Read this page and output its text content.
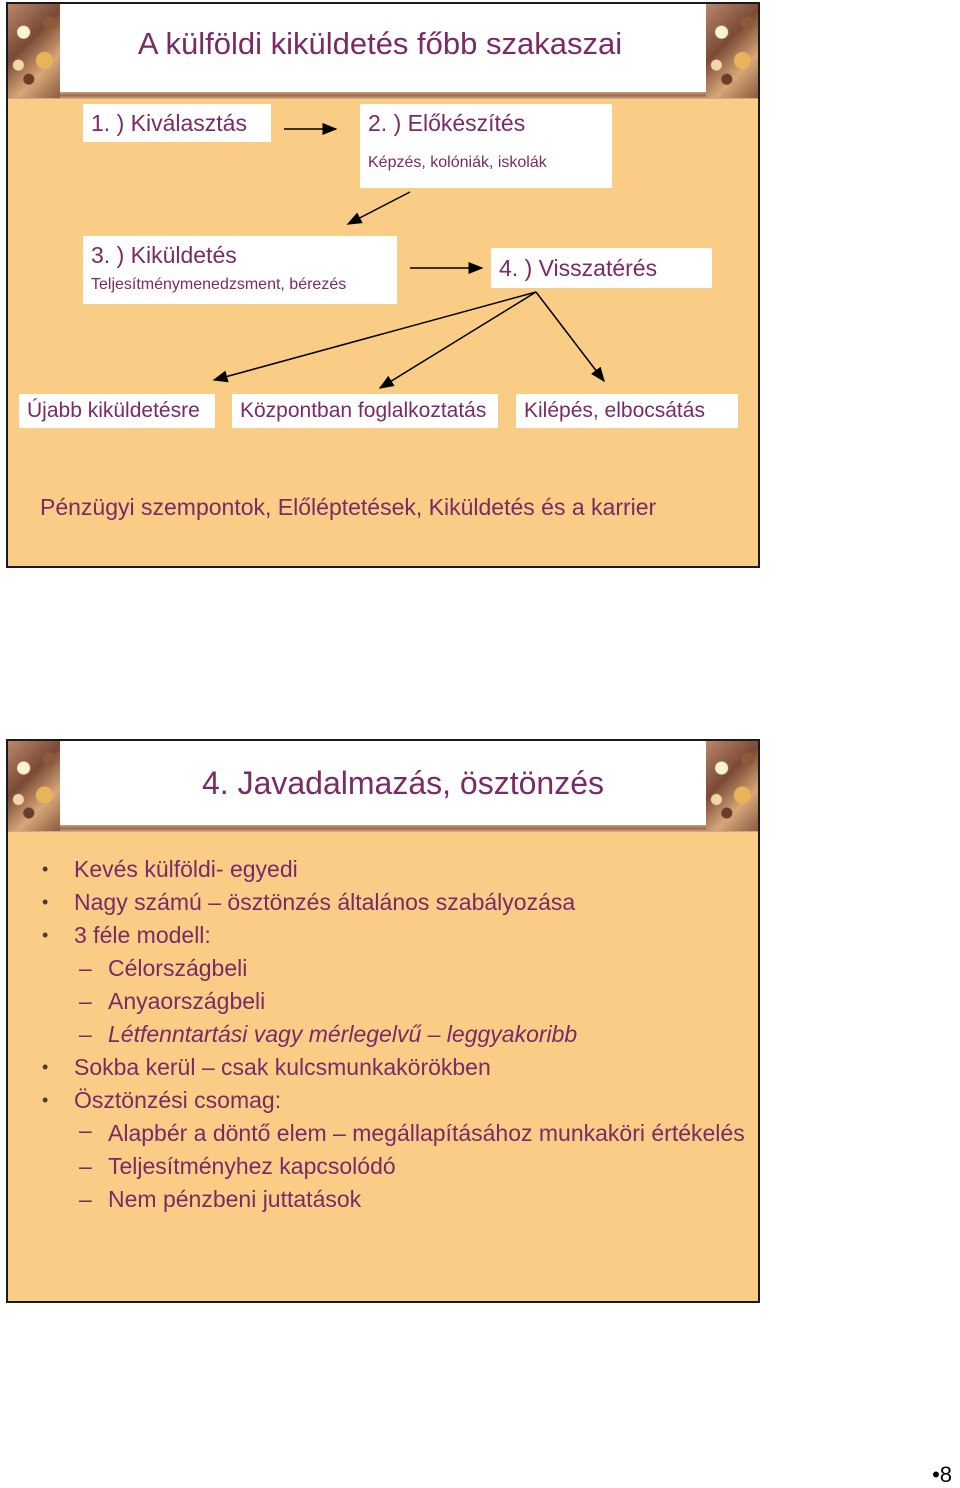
A külföldi kiküldetés főbb szakaszai
1. ) Kiválasztás	2. ) Előkészítés
Képzés, kolóniák, iskolák
3. ) Kiküldetés
Teljesítménymenedzsment, bérezés
4. ) Visszatérés
Újabb kiküldetésre	Központban foglalkoztatás Kilépés, elbocsátás
Pénzügyi szempontok, Előléptetések, Kiküldetés és a karrier
4. Javadalmazás, ösztönzés
• Kevés külföldi- egyedi
• Nagy számú – ösztönzés általános szabályozása
• 3 féle modell:
– Célországbeli
– Anyaországbeli
– Létfenntartási vagy mérlegelvű – leggyakoribb
• Sokba kerül – csak kulcsmunkakörökben
• Ösztönzési csomag:
– Alapbér a döntő elem – megállapításához munkaköri értékelés
– Teljesítményhez kapcsolódó
– Nem pénzbeni juttatások
•8
